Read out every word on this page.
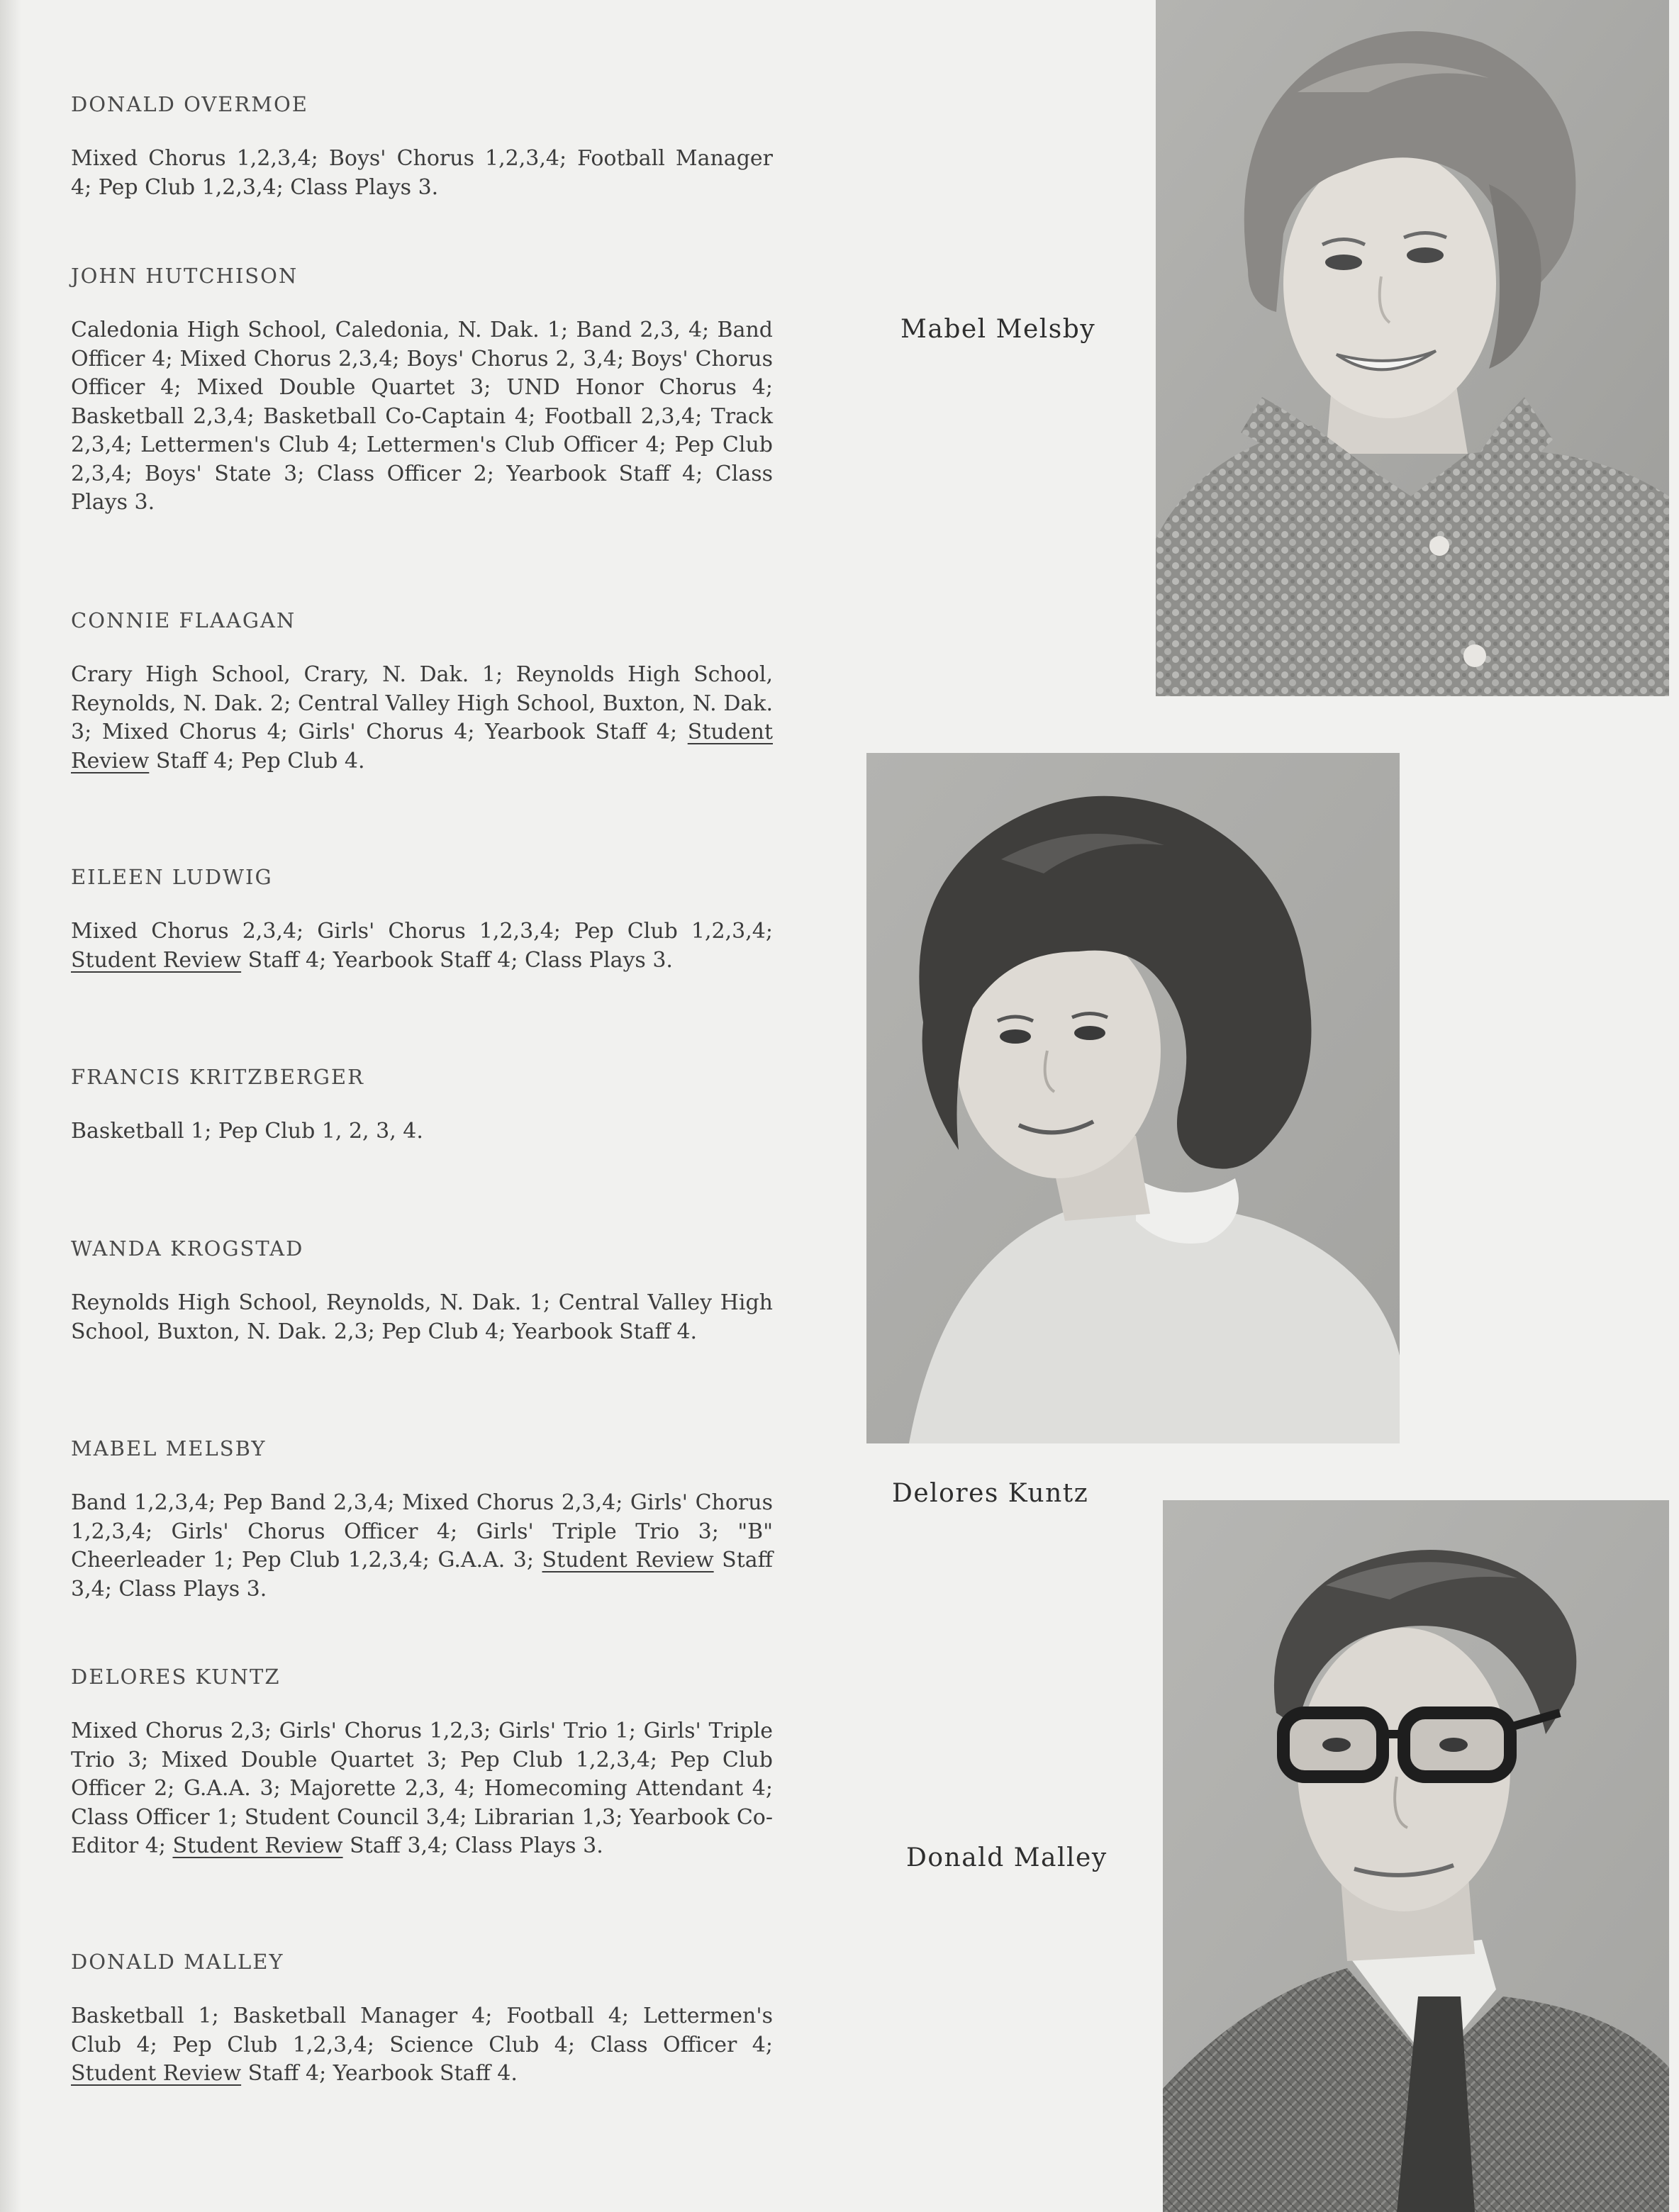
DONALD OVERMOE

Mixed Chorus 1,2,3,4; Boys' Chorus 1,2,3,4; Football Manager 4; Pep Club 1,2,3,4; Class Plays 3.

JOHN HUTCHISON

Caledonia High School, Caledonia, N. Dak. 1; Band 2,3, 4; Band Officer 4; Mixed Chorus 2,3,4; Boys' Chorus 2, 3,4; Boys' Chorus Officer 4; Mixed Double Quartet 3; UND Honor Chorus 4; Basketball 2,3,4; Basketball Co-Captain 4; Football 2,3,4; Track 2,3,4; Lettermen's Club 4; Lettermen's Club Officer 4; Pep Club 2,3,4; Boys' State 3; Class Officer 2; Yearbook Staff 4; Class Plays 3.

CONNIE FLAAGAN

Crary High School, Crary, N. Dak. 1; Reynolds High School, Reynolds, N. Dak. 2; Central Valley High School, Buxton, N. Dak. 3; Mixed Chorus 4; Girls' Chorus 4; Yearbook Staff 4; Student Review Staff 4; Pep Club 4.

EILEEN LUDWIG

Mixed Chorus 2,3,4; Girls' Chorus 1,2,3,4; Pep Club 1,2,3,4; Student Review Staff 4; Yearbook Staff 4; Class Plays 3.

FRANCIS KRITZBERGER

Basketball 1; Pep Club 1, 2, 3, 4.

WANDA KROGSTAD

Reynolds High School, Reynolds, N. Dak. 1; Central Valley High School, Buxton, N. Dak. 2,3; Pep Club 4; Yearbook Staff 4.

MABEL MELSBY

Band 1,2,3,4; Pep Band 2,3,4; Mixed Chorus 2,3,4; Girls' Chorus 1,2,3,4; Girls' Chorus Officer 4; Girls' Triple Trio 3; "B" Cheerleader 1; Pep Club 1,2,3,4; G.A.A. 3; Student Review Staff 3,4; Class Plays 3.

DELORES KUNTZ

Mixed Chorus 2,3; Girls' Chorus 1,2,3; Girls' Trio 1; Girls' Triple Trio 3; Mixed Double Quartet 3; Pep Club 1,2,3,4; Pep Club Officer 2; G.A.A. 3; Majorette 2,3, 4; Homecoming Attendant 4; Class Officer 1; Student Council 3,4; Librarian 1,3; Yearbook Co-Editor 4; Student Review Staff 3,4; Class Plays 3.

DONALD MALLEY

Basketball 1; Basketball Manager 4; Football 4; Lettermen's Club 4; Pep Club 1,2,3,4; Science Club 4; Class Officer 4; Student Review Staff 4; Yearbook Staff 4.

Mabel Melsby
Delores Kuntz
Donald Malley
